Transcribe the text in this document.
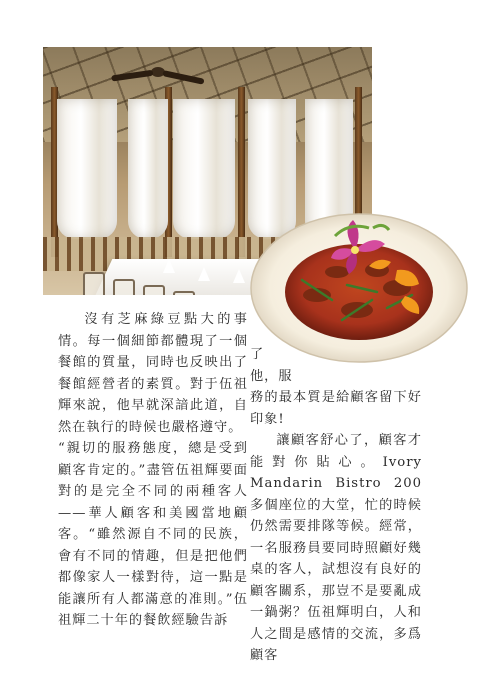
沒有芝麻綠豆點大的事情。每一個細節都體現了一個餐館的質量，同時也反映出了餐館經營者的素質。對于伍祖輝來說，他早就深諳此道，自然在執行的時候也嚴格遵守。

“親切的服務態度，總是受到顧客肯定的。”盡管伍祖輝要面對的是完全不同的兩種客人——華人顧客和美國當地顧客。“雖然源自不同的民族，會有不同的情趣，但是把他們都像家人一樣對待，這一點是能讓所有人都滿意的准則。”伍祖輝二十年的餐飲經驗告訴

了

他，服

務的最本質是給顧客留下好印象!

讓顧客舒心了，顧客才能對你貼心。Ivory Mandarin Bistro 200多個座位的大堂，忙的時候仍然需要排隊等候。經常，一名服務員要同時照顧好幾桌的客人，試想沒有良好的顧客關系，那豈不是要亂成一鍋粥？伍祖輝明白，人和人之間是感情的交流，多爲顧客
